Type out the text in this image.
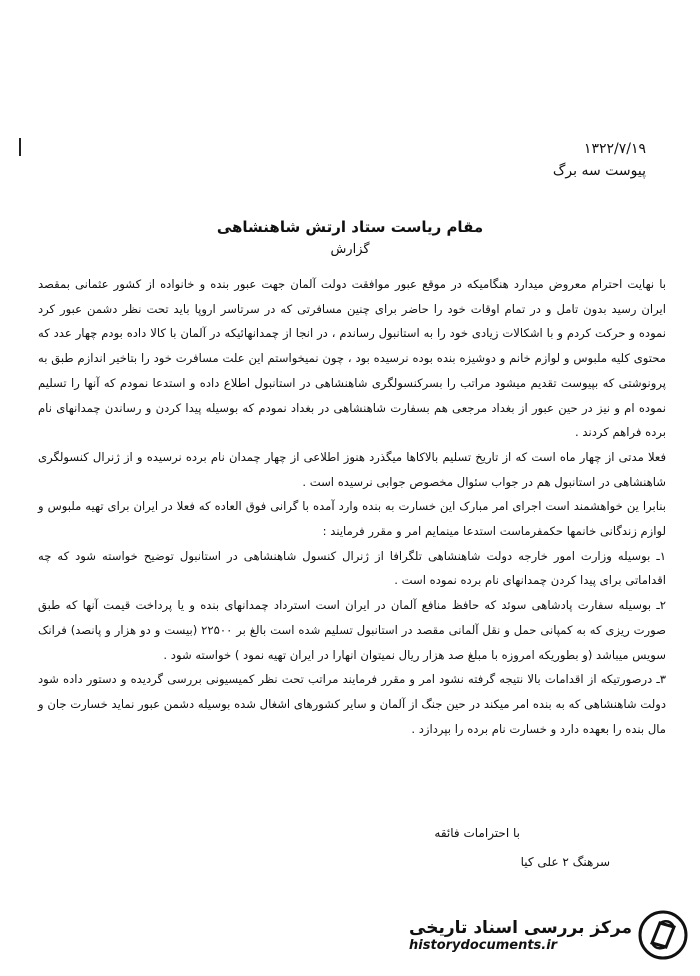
۱۳۲۲/۷/۱۹
پیوست سه برگ
مقام ریاست ستاد ارتش شاهنشاهی
گزارش

با نهایت احترام معروض میدارد هنگامیکه در موقع عبور موافقت دولت آلمان جهت عبور بنده و خانواده از کشور عثمانی بمقصد ایران رسید بدون تامل و در تمام اوقات خود را حاضر برای چنین مسافرتی که در سرتاسر اروپا باید تحت نظر دشمن عبور کرد نموده و حرکت کردم و با اشکالات زیادی خود را به استانبول رساندم ، در انجا از چمدانهائیکه در آلمان با کالا داده بودم چهار عدد که محتوی کلیه ملبوس و لوازم خانم و دوشیزه بنده بوده نرسیده بود ، چون نمیخواستم این علت مسافرت خود را بتاخیر اندازم طبق به پرونوشتی که بپیوست تقدیم میشود مراتب را بسرکنسولگری شاهنشاهی در استانبول اطلاع داده و استدعا نمودم که آنها را تسلیم نموده ام و نیز در حین عبور از بغداد مرجعی هم بسفارت شاهنشاهی در بغداد نمودم که بوسیله پیدا کردن و رساندن چمدانهای نام برده فراهم کردند .

فعلا مدتی از چهار ماه است که از تاریخ تسلیم بالاکاها میگذرد هنوز اطلاعی از چهار چمدان نام برده نرسیده و از ژنرال کنسولگری شاهنشاهی در استانبول هم در جواب سئوال مخصوص جوابی نرسیده است .

بنابرا ین خواهشمند است اجرای امر مبارک این خسارت به بنده وارد آمده با گرانی فوق العاده که فعلا در ایران برای تهیه ملبوس و لوازم زندگانی خانمها حکمفرماست استدعا مینمایم امر و مقرر فرمایند :

۱ـ بوسیله وزارت امور خارجه دولت شاهنشاهی تلگرافا از ژنرال کنسول شاهنشاهی در استانبول توضیح خواسته شود که چه اقداماتی برای پیدا کردن چمدانهای نام برده نموده است .

۲ـ بوسیله سفارت پادشاهی سوئد که حافظ منافع آلمان در ایران است استرداد چمدانهای بنده و یا پرداخت قیمت آنها که طبق صورت ریزی که به کمپانی حمل و نقل آلمانی مقصد در استانبول تسلیم شده است بالغ بر ۲۲۵۰۰ (بیست و دو هزار و پانصد) فرانک سویس میباشد (و بطوریکه امروزه با مبلغ صد هزار ریال نمیتوان انهارا در ایران تهیه نمود ) خواسته شود .

۳ـ درصورتیکه از اقدامات بالا نتیجه گرفته نشود امر و مقرر فرمایند مراتب تحت نظر کمیسیونی بررسی گردیده و دستور داده شود دولت شاهنشاهی که به بنده امر میکند در حین جنگ از آلمان و سایر کشورهای اشغال شده بوسیله دشمن عبور نماید خسارت جان و مال بنده را بعهده دارد و خسارت نام برده را بپردازد .

با احترامات فائقه
سرهنگ ۲ علی کیا
مرکز بررسی اسناد تاریخی
historydocuments.ir
